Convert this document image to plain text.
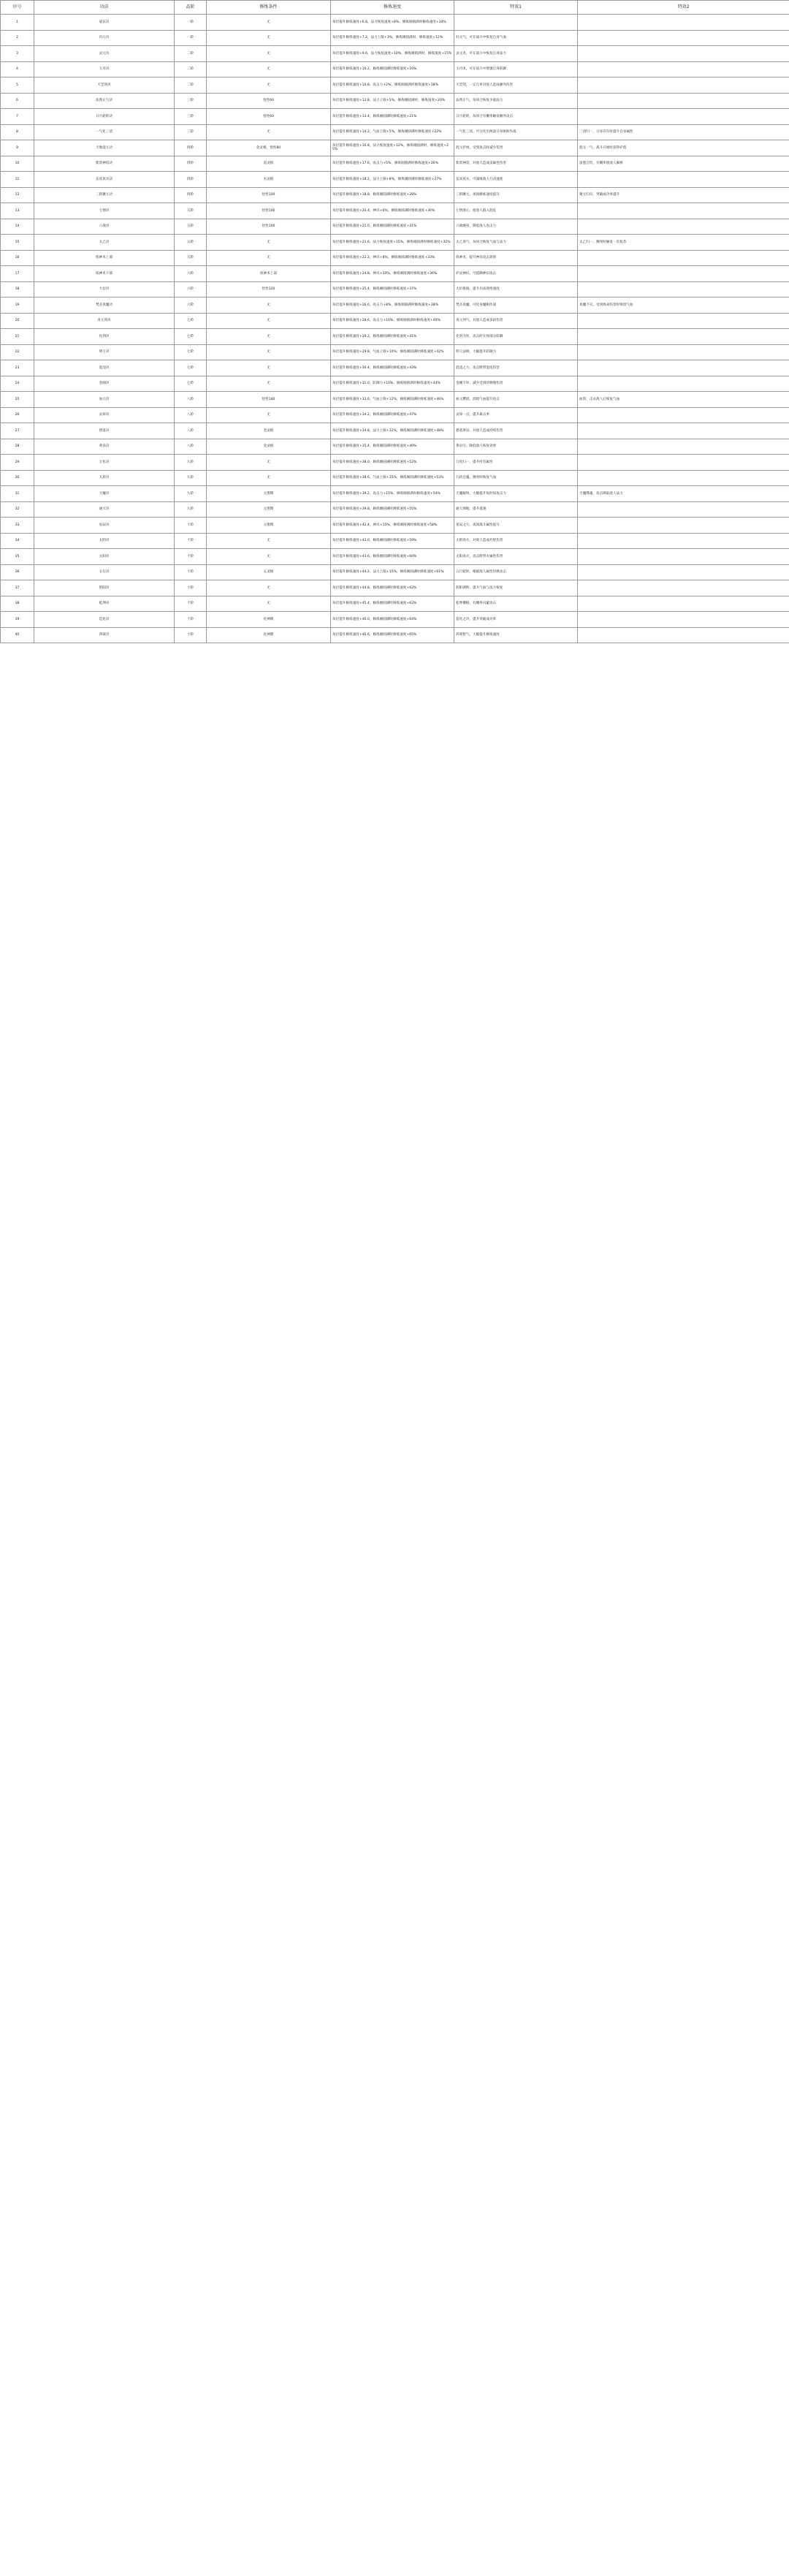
序号	功法	品阶	修炼条件	修炼速度	特效1	特效2
1	道玄诀	一阶	无	每层提升修炼速度+6.8，法力恢复速度+8%，修炼刚圆满时修炼速度+10%		
2	归元功	一阶	无	每层提升修炼速度+7.2，法力上限+3%，修炼刚圆满时，修炼速度+12%	归元气，可在战斗中恢复自身气血	
3	灵元功	二阶	无	每层提升修炼速度+9.6，法力恢复速度+10%，修炼刚圆满时，修炼速度+15%	灵元术，可在战斗中恢复自身法力	
4	玉丹诀	二阶	无	每层提升修炼速度+10.2，修炼刚圆满时修炼速度+16%	玉丹术，可在战斗中增强自身防御	
5	天罡剑诀	二阶	无	每层提升修炼速度+10.8，攻击力+2%，修炼刚圆满时修炼速度+18%	天罡剑，一定几率对敌人造成额外伤害	
6	法然正气诀	三阶	悟性60	每层提升修炼速度+12.8，法力上限+5%，修炼刚圆满时，修炼速度+20%	法然正气，每回合恢复少量法力	
7	日月轮转诀	三阶	悟性60	每层提升修炼速度+13.4，修炼刚圆满时修炼速度+21%	日月轮转，每回合有概率触发额外攻击	
8	一气化三清	三阶	无	每层提升修炼速度+14.2，气血上限+5%，修炼刚圆满时修炼速度+22%	一气化三清，可分化出两道分身协助作战	三清归一，分身存在时提升自身属性
9	天地混元功	四阶	金灵根，悟性80	每层提升修炼速度+16.8，法力恢复速度+12%，修炼刚圆满时，修炼速度+25%	混元护体，受到攻击时减少伤害	混元一气，战斗开始时获得护盾
10	紫霄神雷诀	四阶	雷灵根	每层提升修炼速度+17.6，攻击力+5%，修炼刚圆满时修炼速度+26%	紫霄神雷，对敌人造成雷属性伤害	雷霆万钧，有概率使敌人麻痹
11	玄冥真水诀	四阶	水灵根	每层提升修炼速度+18.2，法力上限+8%，修炼刚圆满时修炼速度+27%	玄冥真水，可减缓敌人行动速度	
12	三阴聚元功	四阶	悟性100	每层提升修炼速度+18.8，修炼刚圆满时修炼速度+28%	三阴聚元，夜间修炼速度提升	聚元归宗，突破成功率提升
13	七情诀	五阶	悟性100	每层提升修炼速度+20.4，神识+6%，修炼刚圆满时修炼速度+30%	七情迷心，使敌人陷入混乱	
14	六欲诀	五阶	悟性100	每层提升修炼速度+21.0，修炼刚圆满时修炼速度+31%	六欲缠身，降低敌人攻击力	
15	太乙诀	五阶	无	每层提升修炼速度+21.6，法力恢复速度+15%，修炼刚圆满时修炼速度+32%	太乙真气，每回合恢复气血与法力	太乙归一，濒死时触发一次复苏
16	炼神术上部	五阶	无	每层提升修炼速度+22.2，神识+8%，修炼刚圆满时修炼速度+33%	炼神术，提升神识攻击效果	
17	炼神术下部	六阶	炼神术上部	每层提升修炼速度+24.8，神识+10%，修炼刚圆满时修炼速度+36%	护灵神识，可抵御神识攻击	
18	大衍诀	六阶	悟性120	每层提升修炼速度+25.4，修炼刚圆满时修炼速度+37%	大衍推演，提升功法领悟速度	
19	梵圣真魔功	六阶	无	每层提升修炼速度+26.0，攻击力+8%，修炼刚圆满时修炼速度+38%	梵圣真魔，可化身魔相作战	真魔不灭，受到致命伤害时保留气血
20	青元剑诀	七阶	无	每层提升修炼速度+28.6，攻击力+10%，修炼刚圆满时修炼速度+40%	青元剑气，对敌人造成多段伤害	
21	化剑诀	七阶	无	每层提升修炼速度+29.2，修炼刚圆满时修炼速度+41%	化剑为丝，攻击时无视部分防御	
22	明王诀	七阶	无	每层提升修炼速度+29.8，气血上限+10%，修炼刚圆满时修炼速度+42%	明王法相，大幅提升防御力	
23	混沌诀	七阶	无	每层提升修炼速度+30.4，修炼刚圆满时修炼速度+43%	混沌之力，攻击附带混沌伤害	
24	金刚诀	七阶	无	每层提升修炼速度+31.0，防御力+10%，修炼刚圆满时修炼速度+44%	金刚不坏，减少受到的物理伤害	
25	血元诀	八阶	悟性140	每层提升修炼速度+33.6，气血上限+12%，修炼刚圆满时修炼速度+46%	血元燃烧，消耗气血提升攻击	血祭，击杀敌人后恢复气血
26	灵犀诀	八阶	无	每层提升修炼速度+34.2，修炼刚圆满时修炼速度+47%	灵犀一点，提升暴击率	
27	碧落诀	八阶	金灵根	每层提升修炼速度+34.8，法力上限+12%，修炼刚圆满时修炼速度+48%	碧落黄泉，对敌人造成持续伤害	
28	黄泉诀	八阶	金灵根	每层提升修炼速度+35.4，修炼刚圆满时修炼速度+49%	黄泉引，降低敌人恢复效果	
29	万化诀	九阶	无	每层提升修炼速度+38.0，修炼刚圆满时修炼速度+52%	万化归一，提升所有属性	
30	九转诀	九阶	无	每层提升修炼速度+38.6，气血上限+15%，修炼刚圆满时修炼速度+53%	九转还魂，濒死时恢复气血	
31	天魔诀	九阶	元婴期	每层提升修炼速度+39.2，攻击力+15%，修炼刚圆满时修炼速度+54%	天魔解体，大幅提升短时间攻击力	天魔噬魂，攻击吸取敌人法力
32	通天诀	九阶	元婴期	每层提升修炼速度+39.8，修炼刚圆满时修炼速度+55%	通天彻地，提升遁速	
33	星辰诀	十阶	元婴期	每层提升修炼速度+42.4，神识+15%，修炼刚圆满时修炼速度+58%	星辰之力，夜间战斗属性提升	
34	太阴诀	十阶	无	每层提升修炼速度+43.0，修炼刚圆满时修炼速度+59%	太阴真火，对敌人造成灼烧伤害	
35	太阳诀	十阶	无	每层提升修炼速度+43.6，修炼刚圆满时修炼速度+60%	太阳真火，攻击附带火属性伤害	
36	五行诀	十阶	五灵根	每层提升修炼速度+44.2，法力上限+15%，修炼刚圆满时修炼速度+61%	五行轮转，根据敌人属性切换攻击	
37	阴阳诀	十阶	无	每层提升修炼速度+44.8，修炼刚圆满时修炼速度+62%	阴阳调和，提升气血与法力恢复	
38	乾坤诀	十阶	无	每层提升修炼速度+45.4，修炼刚圆满时修炼速度+63%	乾坤挪移，有概率闪避攻击	
39	造化诀	十阶	化神期	每层提升修炼速度+46.0，修炼刚圆满时修炼速度+64%	造化之功，提升突破成功率	
40	鸿蒙诀	十阶	化神期	每层提升修炼速度+46.6，修炼刚圆满时修炼速度+65%	鸿蒙紫气，大幅提升修炼速度	
